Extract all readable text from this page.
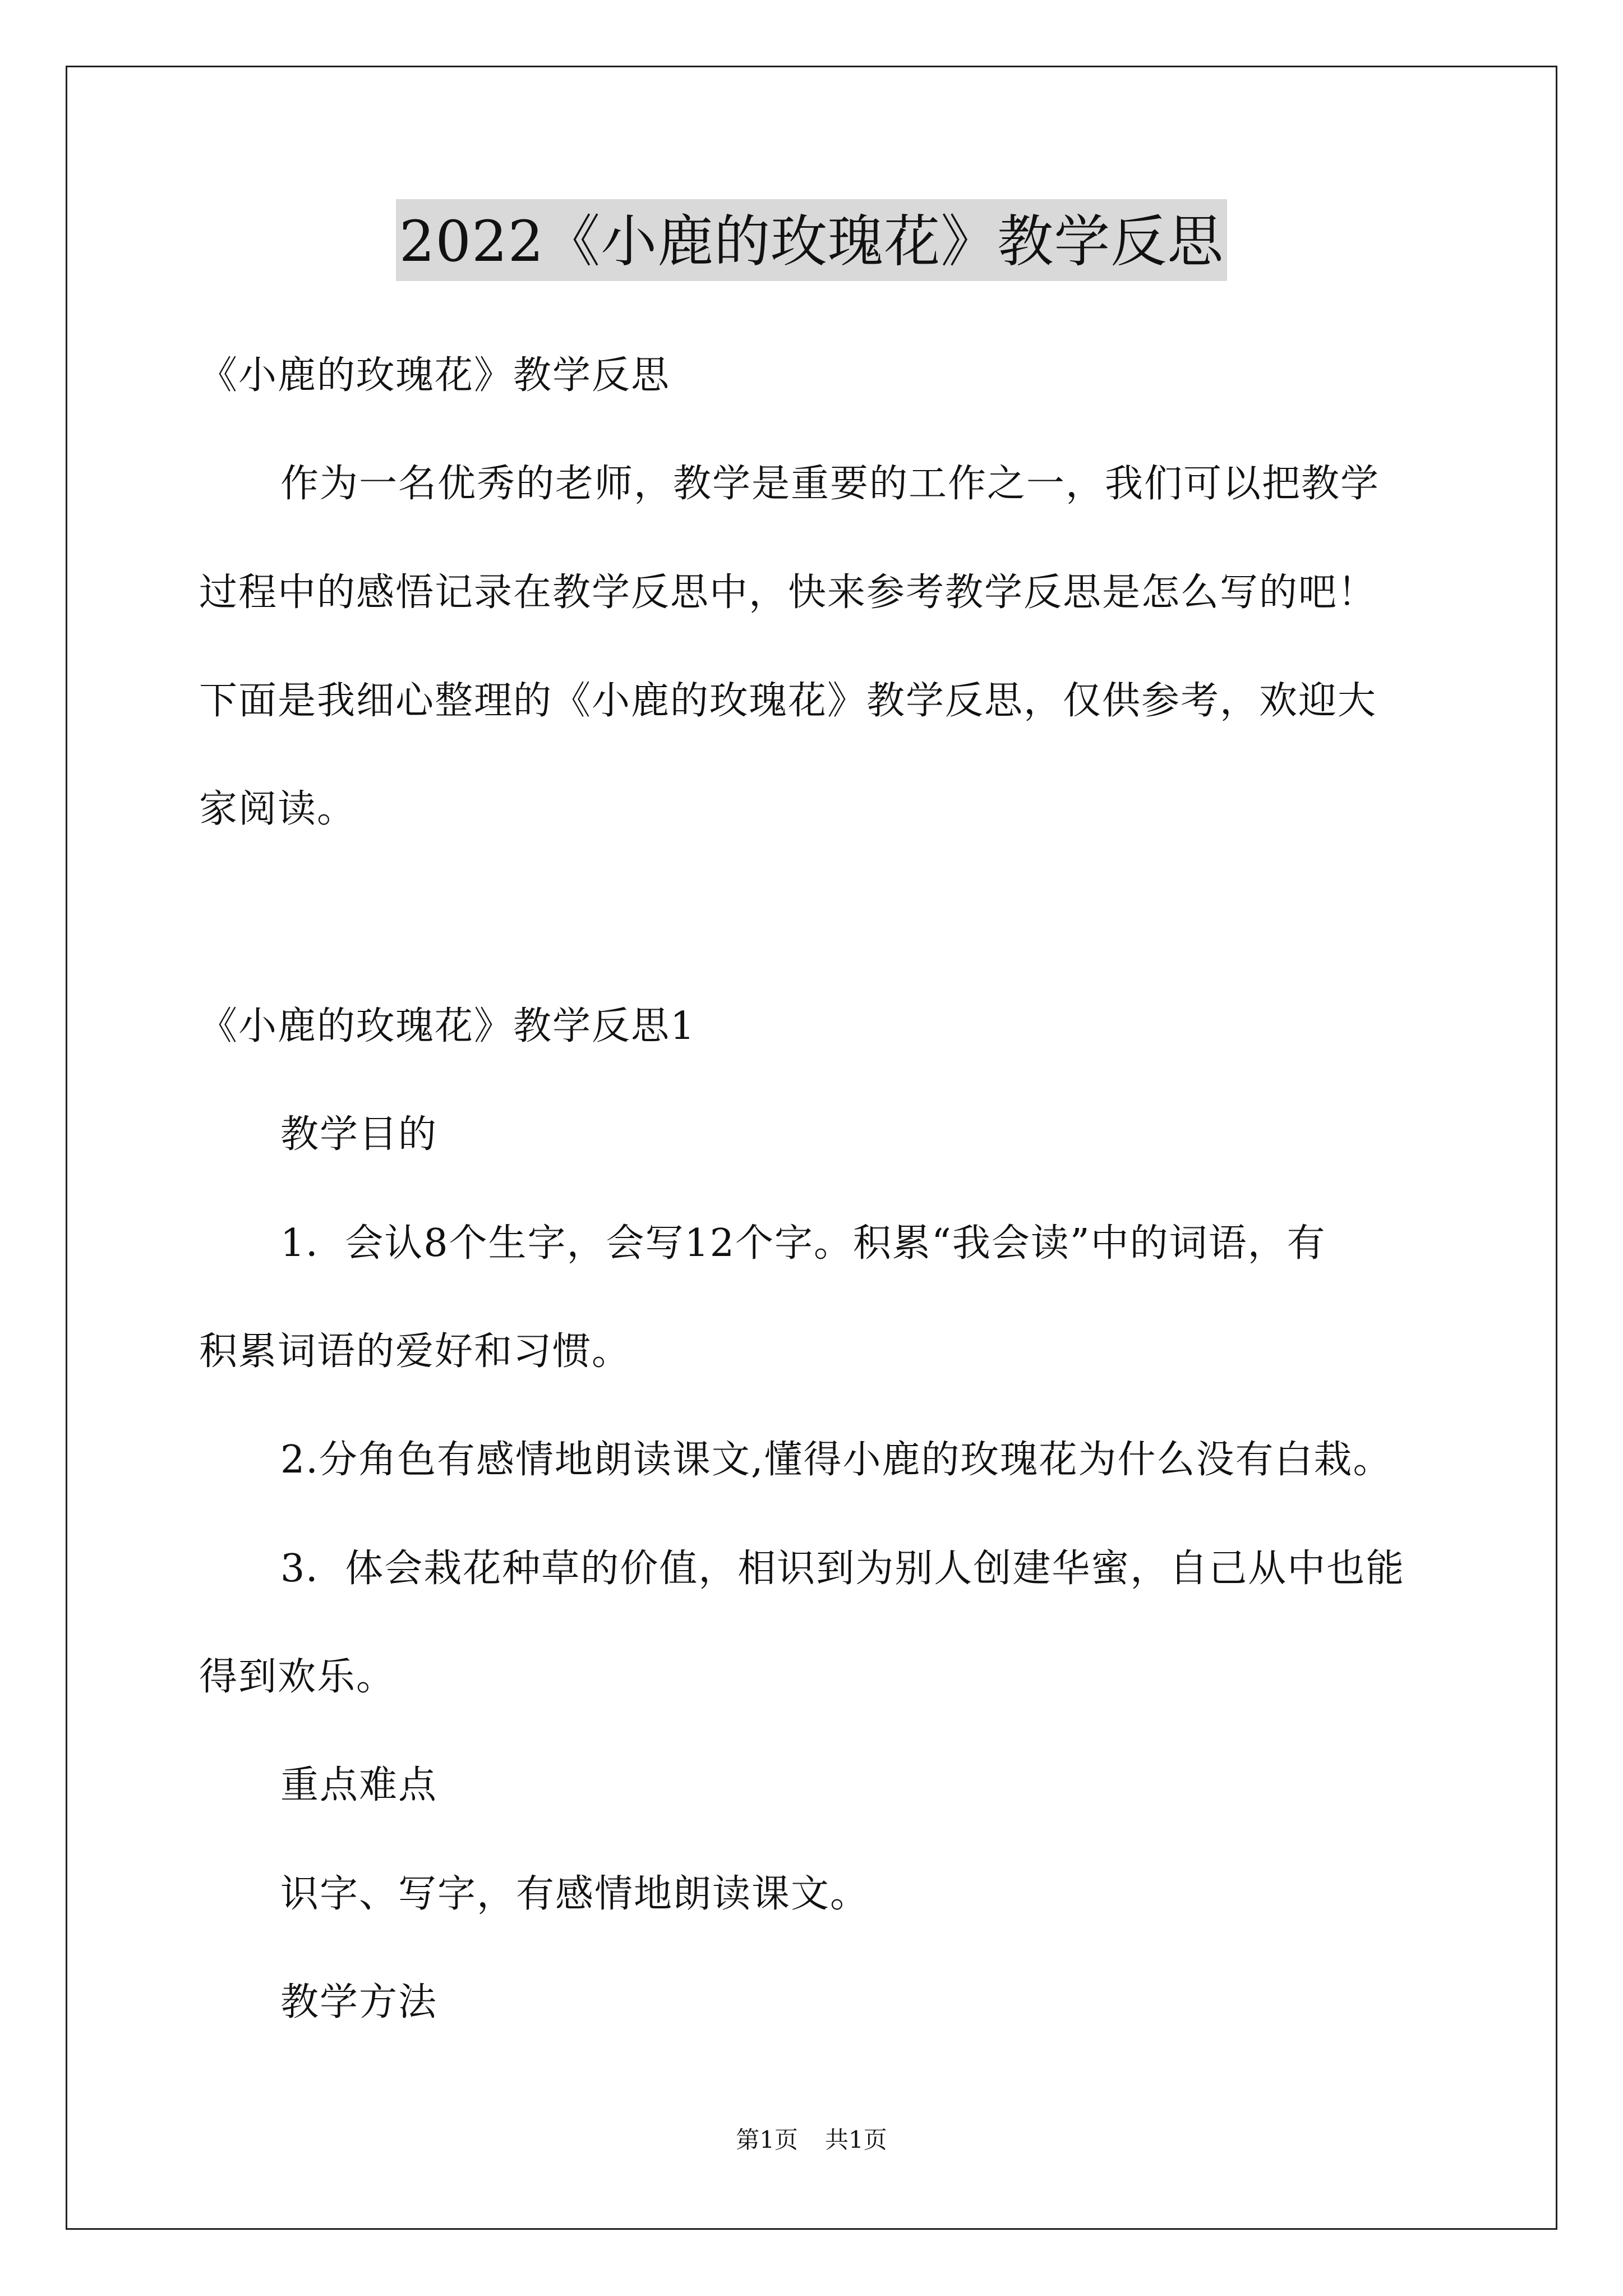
2022《小鹿的玫瑰花》教学反思
《小鹿的玫瑰花》教学反思
作为一名优秀的老师，教学是重要的工作之一，我们可以把教学
过程中的感悟记录在教学反思中，快来参考教学反思是怎么写的吧！
下面是我细心整理的《小鹿的玫瑰花》教学反思，仅供参考，欢迎大
家阅读。
《小鹿的玫瑰花》教学反思1
教学目的
1．会认8个生字，会写12个字。积累“我会读”中的词语，有
积累词语的爱好和习惯。
2.分角色有感情地朗读课文,懂得小鹿的玫瑰花为什么没有白栽。
3．体会栽花种草的价值，相识到为别人创建华蜜，自己从中也能
得到欢乐。
重点难点
识字、写字，有感情地朗读课文。
教学方法
第1页 共1页
